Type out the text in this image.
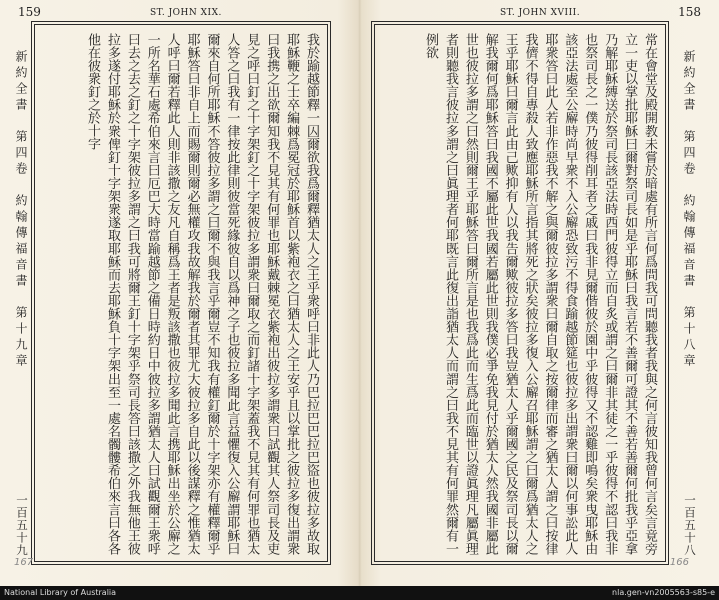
159	ST. JOHN XIX.
新約全書　第四卷　約翰傳福音書　第十九章	我於踰越節釋一囚爾欲我爲爾釋猶太人之王乎衆呼曰非此人乃巴拉巴巴拉巴盜也彼拉多故取耶穌鞭之士卒編棘爲冕冠於耶穌首以紫袍衣之曰猶太人之王安乎且以掌批之彼拉多復出謂衆曰我携之出欲爾知我不見其有何罪也耶穌戴棘冕衣紫袍出彼拉多謂衆曰試觀其人祭司長及吏見之呼曰釘之十字架釘之十字架彼拉多謂衆曰爾取之而釘諸十字架蓋我不見其有何罪也猶太人答之曰我有一律按此律則彼當死緣彼自以爲神之子也彼拉多聞此言益懼復入公廨謂耶穌曰爾來自何所耶穌不答彼拉多謂之曰爾不與我言乎爾豈不知我有權釘爾於十字架亦有權釋爾乎耶穌答曰非自上而賜爾則爾必無權攻我故解我於爾者其罪尤大彼拉多自此以後謀釋之惟猶太人呼曰爾若釋此人則非該撒之友凡自稱爲王者是叛該撒也彼拉多聞此言携耶穌出坐於公廨之一所名華石處希伯來言曰厄巴大時當踰越節之備日時約日中彼拉多謂猶太人曰試觀爾王衆呼曰去之去之釘之十字架彼拉多謂之曰我可將爾王釘十字架乎祭司長答曰該撒之外我無他王彼拉多遂付耶穌於衆俾釘十字架衆遂取耶穌而去耶穌負十字架出至一處名髑髏希伯來言曰各各他在彼衆釘之於十字
一百五十九
167
ST. JOHN XVIII.	158
常在會堂及殿開教未嘗於暗處有所言何爲問我可問聽我者我與之何言彼知我曾何言矣言竟旁立一吏以掌批耶穌曰爾對祭司長如是乎耶穌曰我言若不善爾可證其不善若善爾何批我乎亞拿乃解耶穌縛送於祭司長該亞法時西門彼得立而自炙或謂之曰爾非其徒之一乎彼得不認曰我非也祭司長之一僕乃彼得削耳者之戚曰我非見爾偕彼於園中乎彼得又不認雞即鳴矣衆曳耶穌由該亞法處至公廨時尚早衆不入公廨恐致污不得食踰越節筵也彼拉多出謂衆曰爾以何事訟此人耶衆答曰此人若非作惡我不解之與爾彼拉多謂衆曰爾自取之按爾律而審之猶太人謂之曰按律我儕不得自專殺人致應耶穌所言指其將死之狀矣彼拉多復入公廨召耶穌謂之曰爾爲猶太人之王乎耶穌曰爾言此由己歟抑有人以我告爾歟彼拉多答曰我豈猶太人乎爾國之民及祭司長以爾解我爾何爲耶穌答曰我國不屬此世我國若屬此世則我僕必爭免我見付於猶太人然我國非屬此世也彼拉多謂之曰然則爾王乎耶穌答曰爾所言是也我爲此而生爲此而臨世以證眞理凡屬眞理者則聽我言彼拉多謂之曰眞理者何耶既言此復出詣猶太人而謂之曰我不見其有何罪然爾有一例欲
新約全書　第四卷　約翰傳福音書　第十八章
一百五十八
166
National Library of Australia	nla.gen-vn2005563-s85-e
